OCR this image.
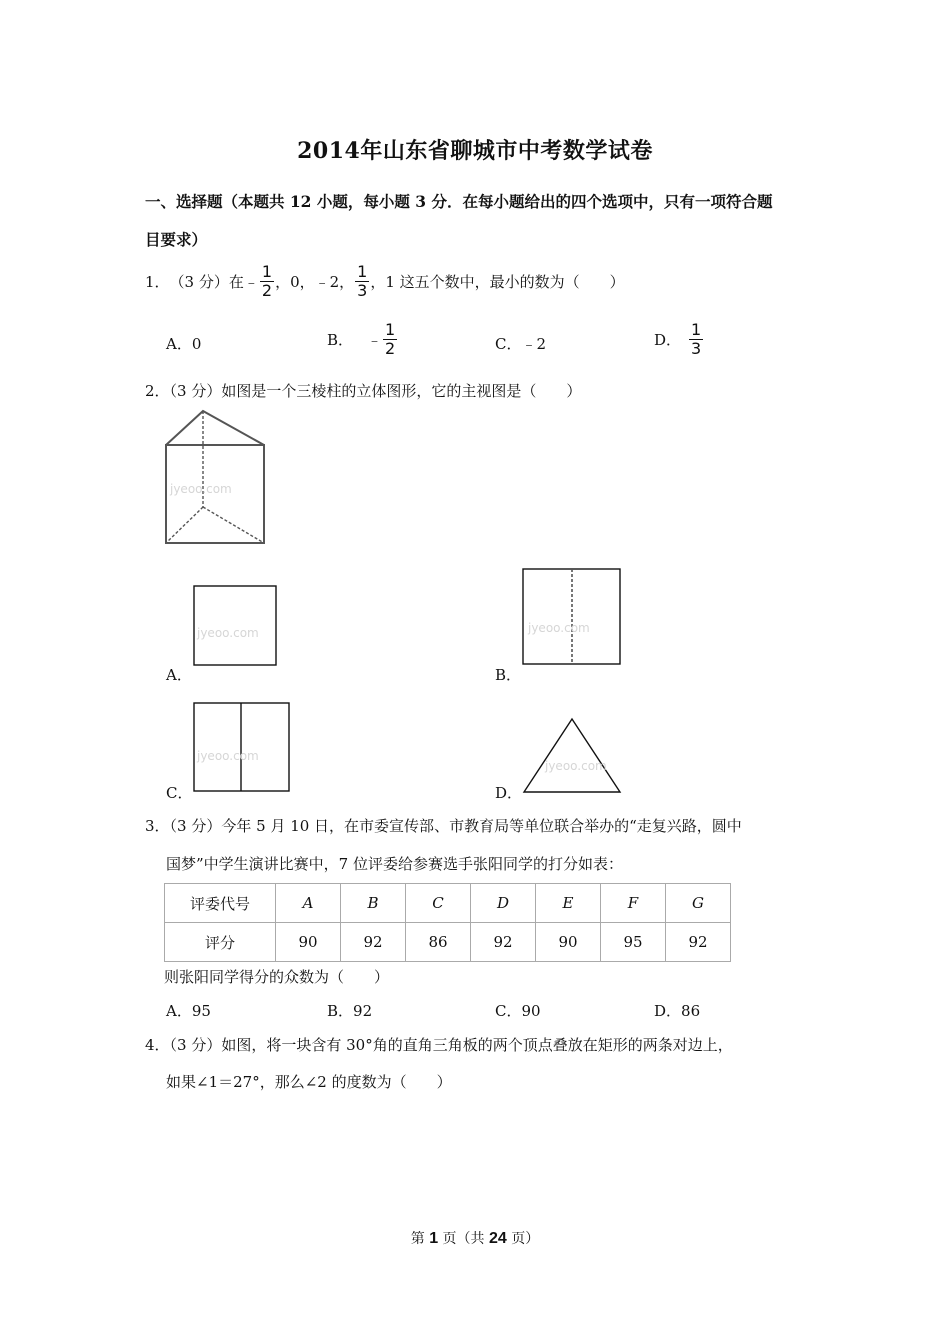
2014年山东省聊城市中考数学试卷
一、选择题（本题共 12 小题，每小题 3 分．在每小题给出的四个选项中，只有一项符合题
目要求）
1． （3 分）在 ﹣ $\frac{1}{2}$ ，0，﹣2， $\frac{1}{3}$ ，1 这五个数中，最小的数为（　　）
A．0	B． ﹣ $\frac{1}{2}$	C．﹣2	D． $\frac{1}{3}$
2．（3 分）如图是一个三棱柱的立体图形，它的主视图是（　　）
jyeoo.com
jyeoo.com
A．
jyeoo.com
B．
jyeoo.com
C．
jyeoo.com
D．
3．（3 分）今年 5 月 10 日，在市委宣传部、市教育局等单位联合举办的“走复兴路，圆中
国梦”中学生演讲比赛中，7 位评委给参赛选手张阳同学的打分如表：
评委代号	A	B	C	D	E	F	G
评分	90	92	86	92	90	95	92
则张阳同学得分的众数为（　　）
A．95	B．92	C．90	D．86
4．（3 分）如图，将一块含有 30°角的直角三角板的两个顶点叠放在矩形的两条对边上，
如果∠1＝27°，那么∠2 的度数为（　　）
第 1 页（共 24 页）
